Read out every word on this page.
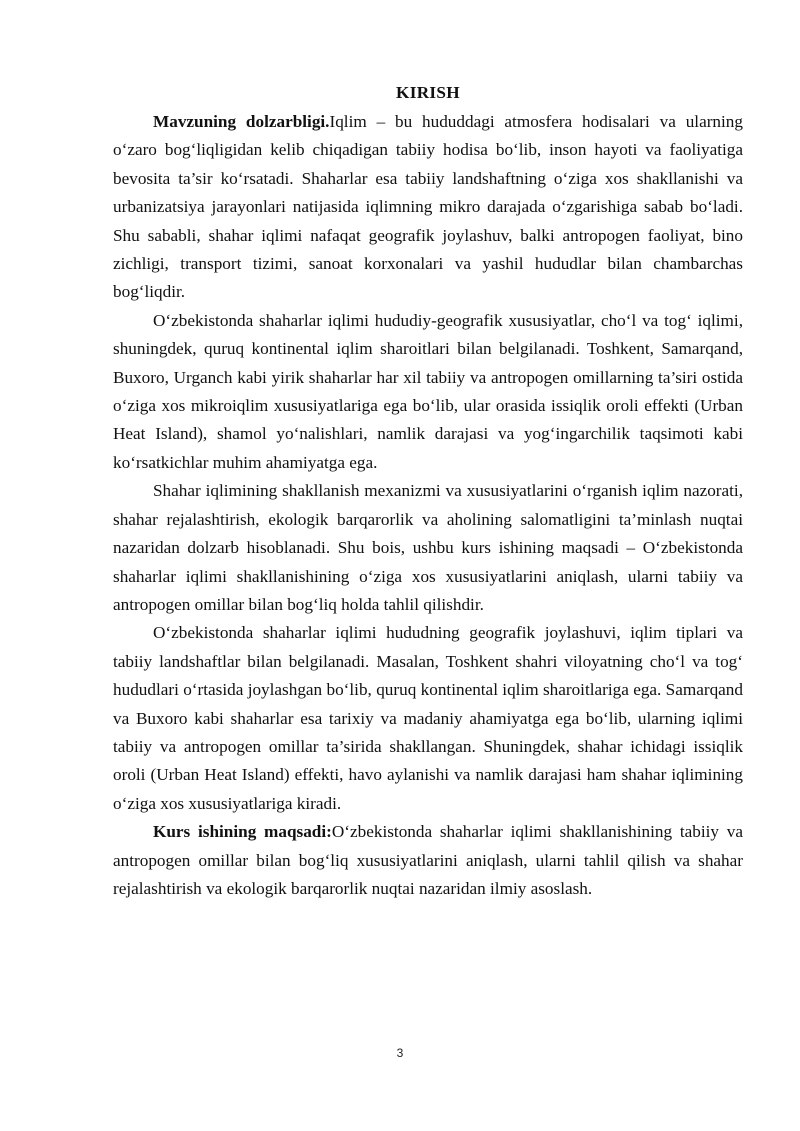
KIRISH

Mavzuning dolzarbligi.Iqlim – bu hududdagi atmosfera hodisalari va ularning o‘zaro bog‘liqligidan kelib chiqadigan tabiiy hodisa bo‘lib, inson hayoti va faoliyatiga bevosita ta’sir ko‘rsatadi. Shaharlar esa tabiiy landshaftning o‘ziga xos shakllanishi va urbanizatsiya jarayonlari natijasida iqlimning mikro darajada o‘zgarishiga sabab bo‘ladi. Shu sababli, shahar iqlimi nafaqat geografik joylashuv, balki antropogen faoliyat, bino zichligi, transport tizimi, sanoat korxonalari va yashil hududlar bilan chambarchas bog‘liqdir.

O‘zbekistonda shaharlar iqlimi hududiy-geografik xususiyatlar, cho‘l va tog‘ iqlimi, shuningdek, quruq kontinental iqlim sharoitlari bilan belgilanadi. Toshkent, Samarqand, Buxoro, Urganch kabi yirik shaharlar har xil tabiiy va antropogen omillarning ta’siri ostida o‘ziga xos mikroiqlim xususiyatlariga ega bo‘lib, ular orasida issiqlik oroli effekti (Urban Heat Island), shamol yo‘nalishlari, namlik darajasi va yog‘ingarchilik taqsimoti kabi ko‘rsatkichlar muhim ahamiyatga ega.

Shahar iqlimining shakllanish mexanizmi va xususiyatlarini o‘rganish iqlim nazorati, shahar rejalashtirish, ekologik barqarorlik va aholining salomatligini ta’minlash nuqtai nazaridan dolzarb hisoblanadi. Shu bois, ushbu kurs ishining maqsadi – O‘zbekistonda shaharlar iqlimi shakllanishining o‘ziga xos xususiyatlarini aniqlash, ularni tabiiy va antropogen omillar bilan bog‘liq holda tahlil qilishdir.

O‘zbekistonda shaharlar iqlimi hududning geografik joylashuvi, iqlim tiplari va tabiiy landshaftlar bilan belgilanadi. Masalan, Toshkent shahri viloyatning cho‘l va tog‘ hududlari o‘rtasida joylashgan bo‘lib, quruq kontinental iqlim sharoitlariga ega. Samarqand va Buxoro kabi shaharlar esa tarixiy va madaniy ahamiyatga ega bo‘lib, ularning iqlimi tabiiy va antropogen omillar ta’sirida shakllangan. Shuningdek, shahar ichidagi issiqlik oroli (Urban Heat Island) effekti, havo aylanishi va namlik darajasi ham shahar iqlimining o‘ziga xos xususiyatlariga kiradi.

Kurs ishining maqsadi:O‘zbekistonda shaharlar iqlimi shakllanishining tabiiy va antropogen omillar bilan bog‘liq xususiyatlarini aniqlash, ularni tahlil qilish va shahar rejalashtirish va ekologik barqarorlik nuqtai nazaridan ilmiy asoslash.

3
